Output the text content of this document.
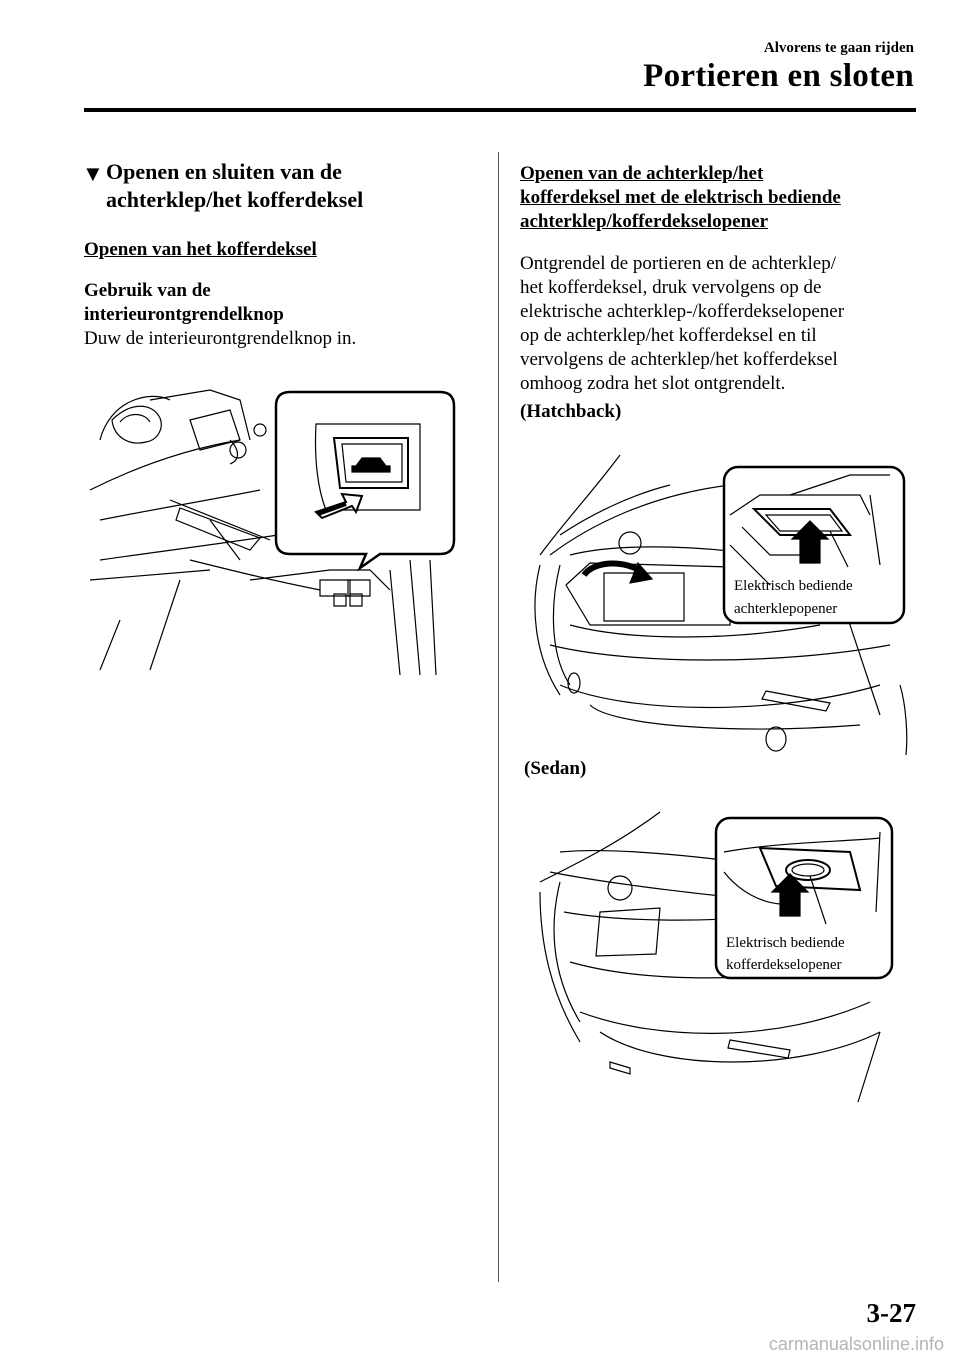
Alvorens te gaan rijden
Portieren en sloten
▼ Openen en sluiten van de achterklep/het kofferdeksel
Openen van het kofferdeksel
Gebruik van de
interieurontgrendelknop
Duw de interieurontgrendelknop in.
Openen van de achterklep/het
kofferdeksel met de elektrisch bediende
achterklep/kofferdekselopener
Ontgrendel de portieren en de achterklep/
het kofferdeksel, druk vervolgens op de
elektrische achterklep-/kofferdekselopener
op de achterklep/het kofferdeksel en til
vervolgens de achterklep/het kofferdeksel
omhoog zodra het slot ontgrendelt.
(Hatchback)
Elektrisch bediende
achterklepopener
(Sedan)
Elektrisch bediende
kofferdekselopener
3-27
carmanualsonline.info
